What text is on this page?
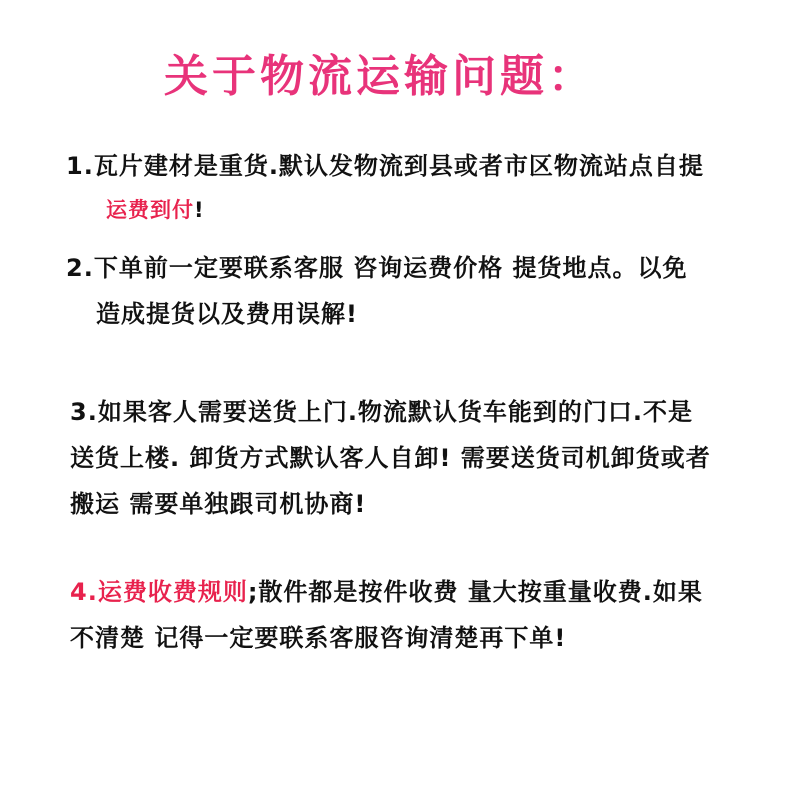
关于物流运输问题：
1.瓦片建材是重货.默认发物流到县或者市区物流站点自提
运费到付!
2.下单前一定要联系客服 咨询运费价格 提货地点。以免
造成提货以及费用误解!
3.如果客人需要送货上门.物流默认货车能到的门口.不是
送货上楼. 卸货方式默认客人自卸! 需要送货司机卸货或者
搬运 需要单独跟司机协商!
4.运费收费规则;散件都是按件收费 量大按重量收费.如果
不清楚 记得一定要联系客服咨询清楚再下单!
